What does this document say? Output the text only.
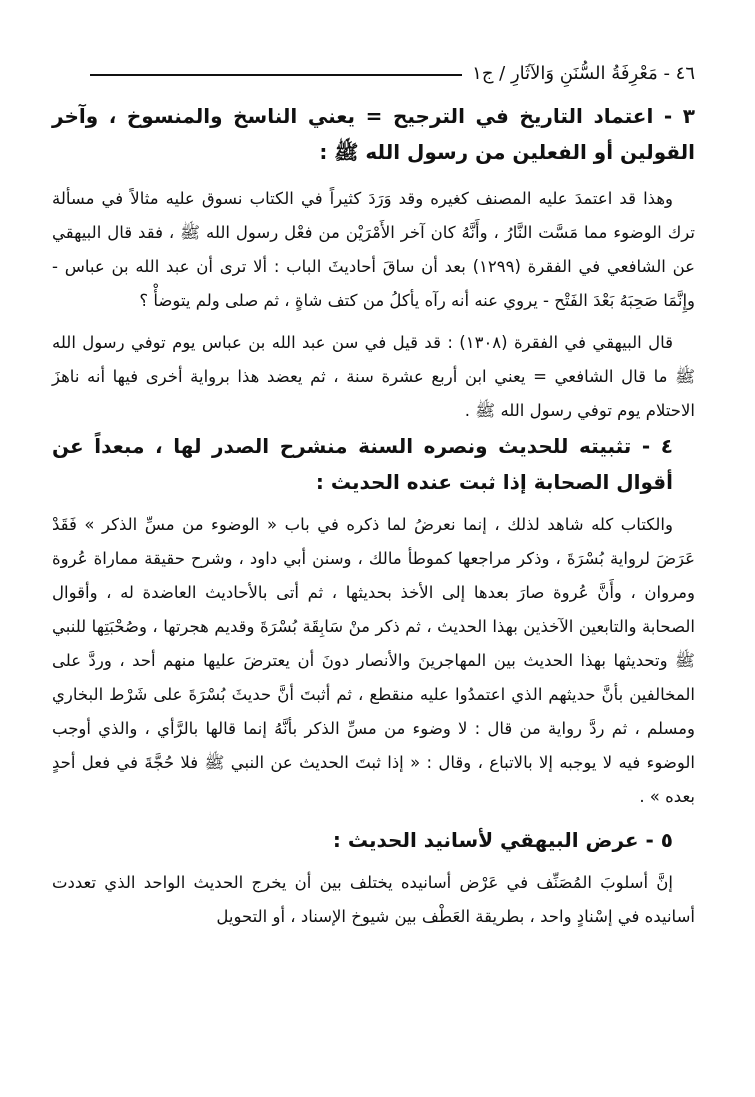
٤٦ - مَعْرِفَةُ السُّنَنِ وَالآثَارِ / ج١

٣ - اعتماد التاريخ في الترجيح = يعني الناسخ والمنسوخ ، وآخر القولين أو الفعلين من رسول الله ﷺ :

وهذا قد اعتمدَ عليه المصنف كغيره وقد وَرَدَ كثيراً في الكتاب نسوق عليه مثالاً في مسألة ترك الوضوء مما مَسَّت النَّارُ ، وأَنَّهُ كان آخر الأَمْرَيْن من فعْل رسول الله ﷺ ، فقد قال البيهقي عن الشافعي في الفقرة (١٢٩٩) بعد أن ساقَ أحاديثَ الباب : ألا ترى أن عبد الله بن عباس - وإِنَّمَا صَحِبَهُ بَعْدَ الفَتْح - يروي عنه أنه رآه يأكلُ من كتف شاةٍ ، ثم صلى ولم يتوضأْ ؟

قال البيهقي في الفقرة (١٣٠٨) : قد قيل في سن عبد الله بن عباس يوم توفي رسول الله ﷺ ما قال الشافعي = يعني ابن أربع عشرة سنة ، ثم يعضد هذا برواية أخرى فيها أنه ناهزَ الاحتلام يوم توفي رسول الله ﷺ .

٤ - تثبيته للحديث ونصره السنة منشرح الصدر لها ، مبعداً عن أقوال الصحابة إذا ثبت عنده الحديث :

والكتاب كله شاهد لذلك ، إنما نعرضُ لما ذكره في باب « الوضوء من مسِّ الذكر » فَقَدْ عَرَضَ لرواية بُسْرَةَ ، وذكر مراجعها كموطأ مالك ، وسنن أبي داود ، وشرح حقيقة مماراة عُروة ومروان ، وأَنَّ عُروة صارَ بعدها إلى الأخذ بحديثها ، ثم أتى بالأحاديث العاضدة له ، وأقوال الصحابة والتابعين الآخذين بهذا الحديث ، ثم ذكر منْ سَابِقَة بُسْرَةَ وقديم هجرتها ، وصُحْبَتِها للنبي ﷺ وتحديثها بهذا الحديث بين المهاجرينَ والأنصار دونَ أن يعترضَ عليها منهم أحد ، وردَّ على المخالفين بأنَّ حديثهم الذي اعتمدُوا عليه منقطع ، ثم أثبتَ أنَّ حديثَ بُسْرَةَ على شَرْط البخاري ومسلم ، ثم ردَّ رواية من قال : لا وضوء من مسِّ الذكر بأنَّهُ إنما قالها بالرَّأي ، والذي أوجب الوضوء فيه لا يوجبه إلا بالاتباع ، وقال : « إذا ثبتَ الحديث عن النبي ﷺ فلا حُجَّةَ في فعل أحدٍ بعده » .

٥ - عرض البيهقي لأسانيد الحديث :

إنَّ أسلوبَ المُصَنِّف في عَرْض أسانيده يختلف بين أن يخرج الحديث الواحد الذي تعددت أسانيده في إسْنادٍ واحد ، بطريقة العَطْف بين شيوخ الإسناد ، أو التحويل
